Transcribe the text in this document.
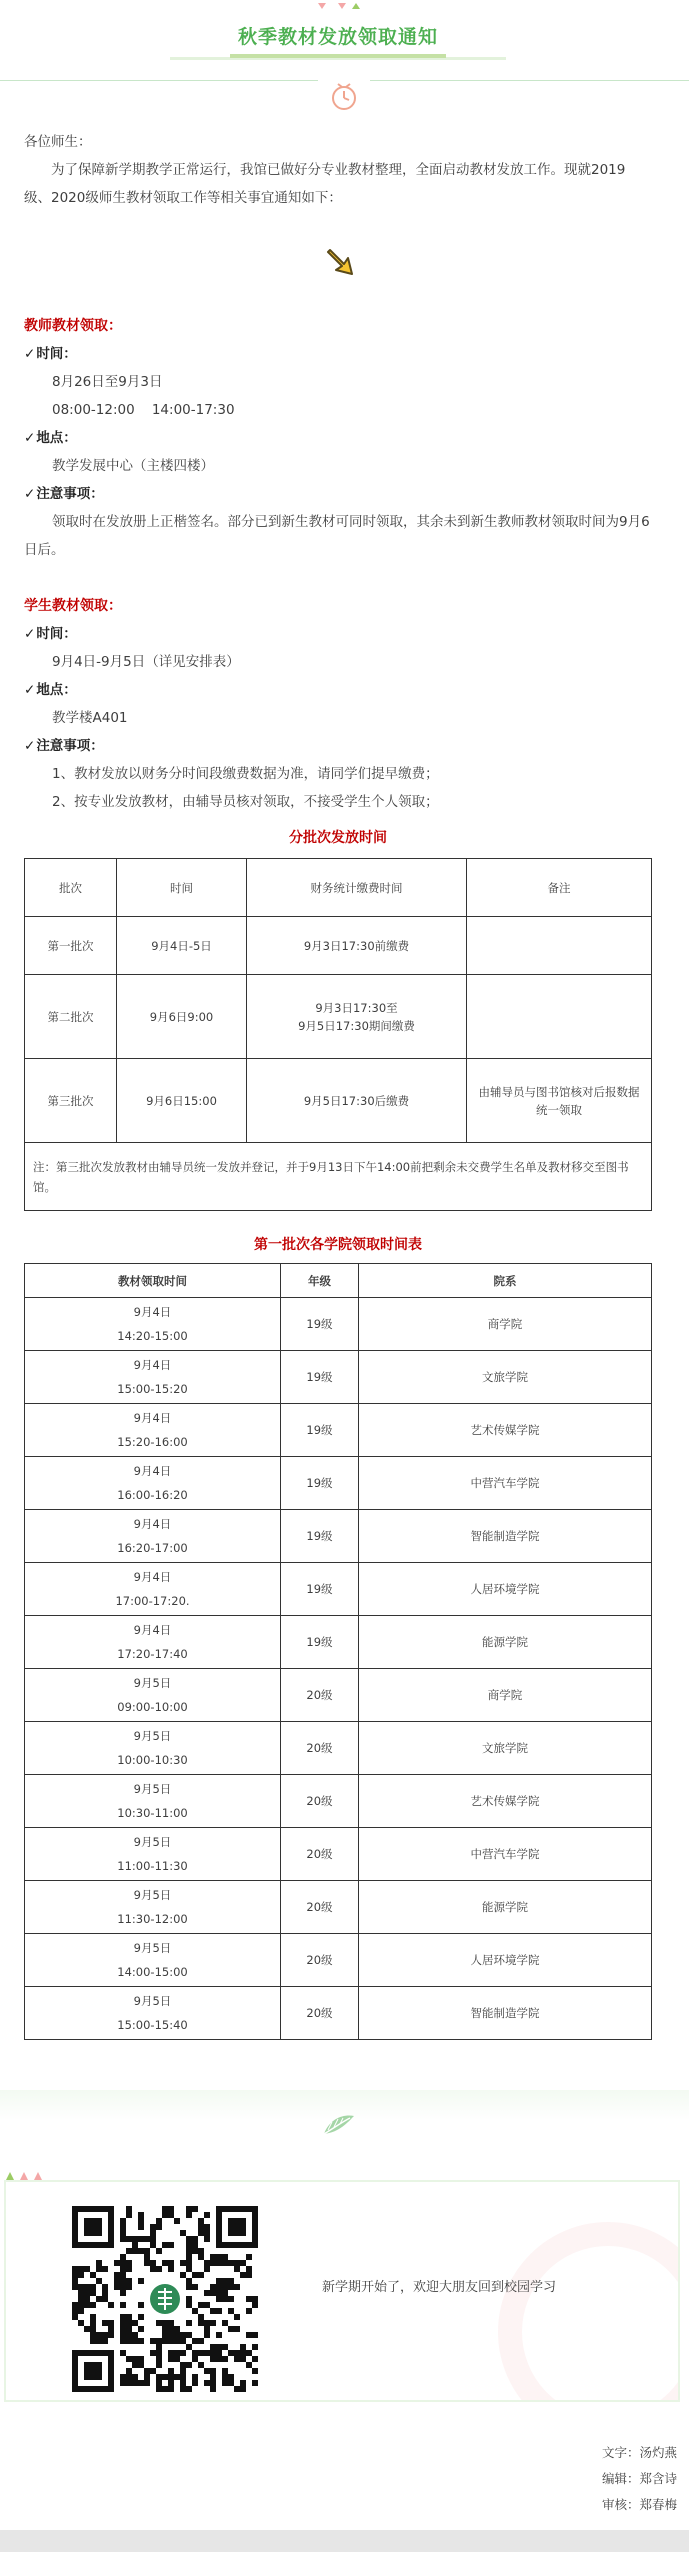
秋季教材发放领取通知
各位师生：
为了保障新学期教学正常运行，我馆已做好分专业教材整理，全面启动教材发放工作。现就2019级、2020级师生教材领取工作等相关事宜通知如下：
教师教材领取：
✓时间：
8月26日至9月3日
08:00-12:00    14:00-17:30
✓地点：
教学发展中心（主楼四楼）
✓注意事项：
领取时在发放册上正楷签名。部分已到新生教材可同时领取，其余未到新生教师教材领取时间为9月6日后。
学生教材领取：
✓时间：
9月4日-9月5日（详见安排表）
✓地点：
教学楼A401
✓注意事项：
1、教材发放以财务分时间段缴费数据为准，请同学们提早缴费；
2、按专业发放教材，由辅导员核对领取，不接受学生个人领取；
分批次发放时间
批次	时间	财务统计缴费时间	备注
第一批次	9月4日-5日	9月3日17:30前缴费	
第二批次	9月6日9:00	9月3日17:30至
9月5日17:30期间缴费	
第三批次	9月6日15:00	9月5日17:30后缴费	由辅导员与图书馆核对后报数据统一领取
注：第三批次发放教材由辅导员统一发放并登记，并于9月13日下午14:00前把剩余未交费学生名单及教材移交至图书馆。			
第一批次各学院领取时间表
教材领取时间	年级	院系

9月4日
14:20-15:00	19级	商学院

9月4日
15:00-15:20	19级	文旅学院

9月4日
15:20-16:00	19级	艺术传媒学院

9月4日
16:00-16:20	19级	中营汽车学院

9月4日
16:20-17:00	19级	智能制造学院

9月4日
17:00-17:20.	19级	人居环境学院

9月4日
17:20-17:40	19级	能源学院

9月5日
09:00-10:00	20级	商学院

9月5日
10:00-10:30	20级	文旅学院

9月5日
10:30-11:00	20级	艺术传媒学院

9月5日
11:00-11:30	20级	中营汽车学院

9月5日
11:30-12:00	20级	能源学院

9月5日
14:00-15:00	20级	人居环境学院

9月5日
15:00-15:40	20级	智能制造学院
新学期开始了，欢迎大朋友回到校园学习
文字：汤灼燕
编辑：郑含诗
审核：郑春梅
